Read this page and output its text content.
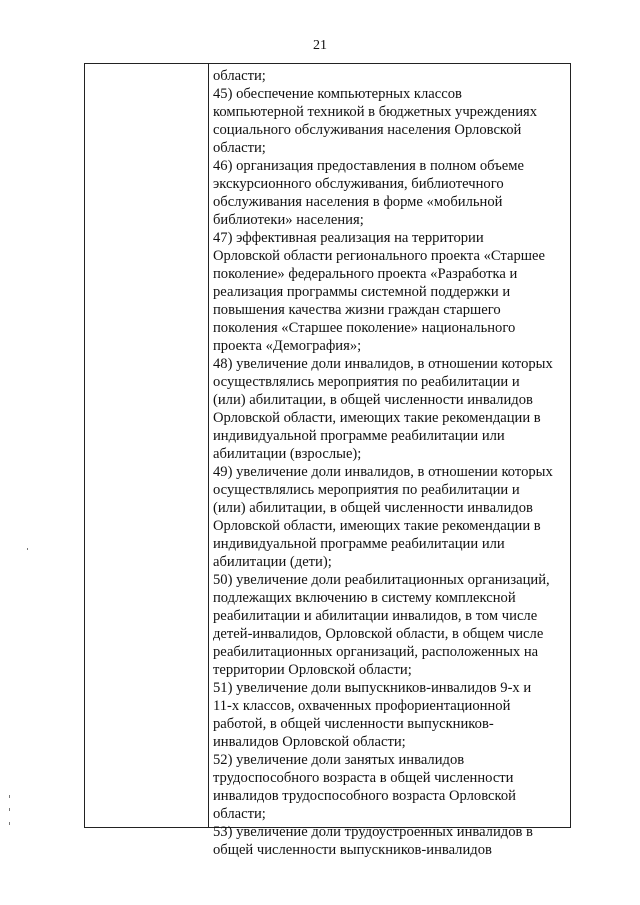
21
области;
45) обеспечение компьютерных классов
компьютерной техникой в бюджетных учреждениях
социального обслуживания населения Орловской
области;
46) организация предоставления в полном объеме
экскурсионного обслуживания, библиотечного
обслуживания населения в форме «мобильной
библиотеки» населения;
47) эффективная реализация на территории
Орловской области регионального проекта «Старшее
поколение» федерального проекта «Разработка и
реализация программы системной поддержки и
повышения качества жизни граждан старшего
поколения «Старшее поколение» национального
проекта «Демография»;
48) увеличение доли инвалидов, в отношении которых
осуществлялись мероприятия по реабилитации и
(или) абилитации, в общей численности инвалидов
Орловской области, имеющих такие рекомендации в
индивидуальной программе реабилитации или
абилитации (взрослые);
49) увеличение доли инвалидов, в отношении которых
осуществлялись мероприятия по реабилитации и
(или) абилитации, в общей численности инвалидов
Орловской области, имеющих такие рекомендации в
индивидуальной программе реабилитации или
абилитации (дети);
50) увеличение доли реабилитационных организаций,
подлежащих включению в систему комплексной
реабилитации и абилитации инвалидов, в том числе
детей-инвалидов, Орловской области, в общем числе
реабилитационных организаций, расположенных на
территории Орловской области;
51) увеличение доли выпускников-инвалидов 9-х и
11-х классов, охваченных профориентационной
работой, в общей численности выпускников-
инвалидов Орловской области;
52) увеличение доли занятых инвалидов
трудоспособного возраста в общей численности
инвалидов трудоспособного возраста Орловской
области;
53) увеличение доли трудоустроенных инвалидов в
общей численности выпускников-инвалидов
